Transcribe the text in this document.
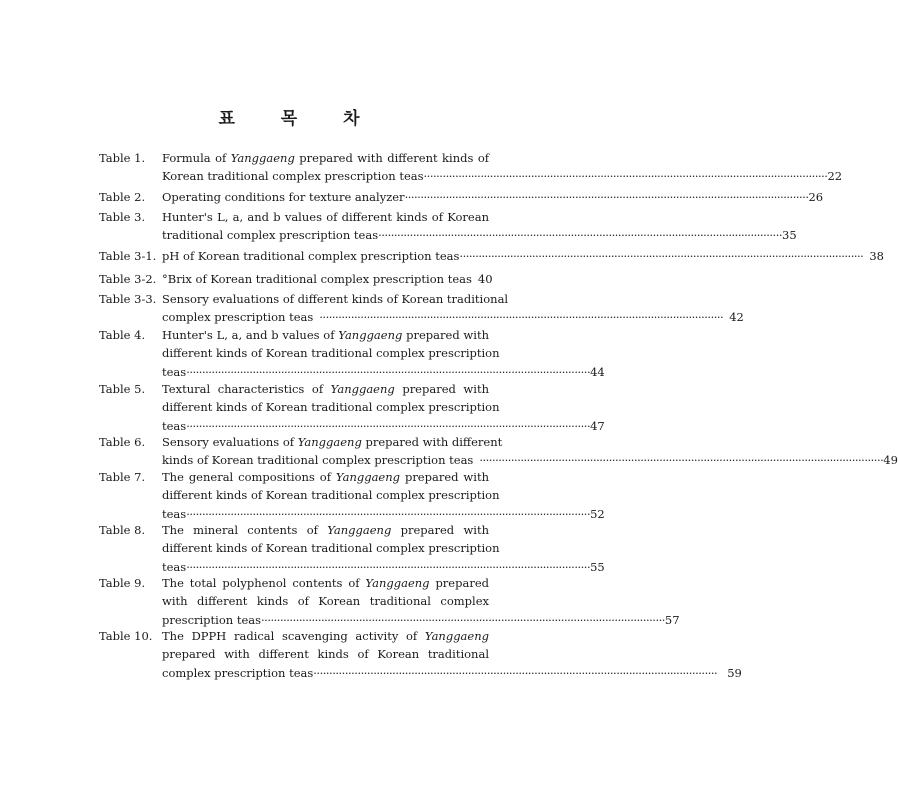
표 목 차
Table 1.	Formula of Yanggaeng prepared with different kinds of
Korean traditional complex prescription teas ·····	22
Table 2.	Operating conditions for texture analyzer ·····	26
Table 3.	Hunter's L, a, and b values of different kinds of Korean
traditional complex prescription teas ·····	35
Table 3-1. pH of Korean traditional complex prescription teas ·····	38
Table 3-2. °Brix of Korean traditional complex prescription teas 40
Table 3-3. Sensory evaluations of different kinds of Korean traditional
complex prescription teas ·····	42
Table 4.	Hunter's L, a, and b values of Yanggaeng prepared with
different kinds of Korean traditional complex prescription
teas ·····	44
Table 5.	Textural characteristics of Yanggaeng prepared with
different kinds of Korean traditional complex prescription
teas ·····	47
Table 6.	Sensory evaluations of Yanggaeng prepared with different
kinds of Korean traditional complex prescription teas ·····	49
Table 7.	The general compositions of Yanggaeng prepared with
different kinds of Korean traditional complex prescription
teas ·····	52
Table 8.	The mineral contents of Yanggaeng prepared with
different kinds of Korean traditional complex prescription
teas ·····	55
Table 9.	The total polyphenol contents of Yanggaeng prepared
with different kinds of Korean traditional complex
prescription teas ·····	57
Table 10. The DPPH radical scavenging activity of Yanggaeng
prepared with different kinds of Korean traditional
complex prescription teas ·····	59
